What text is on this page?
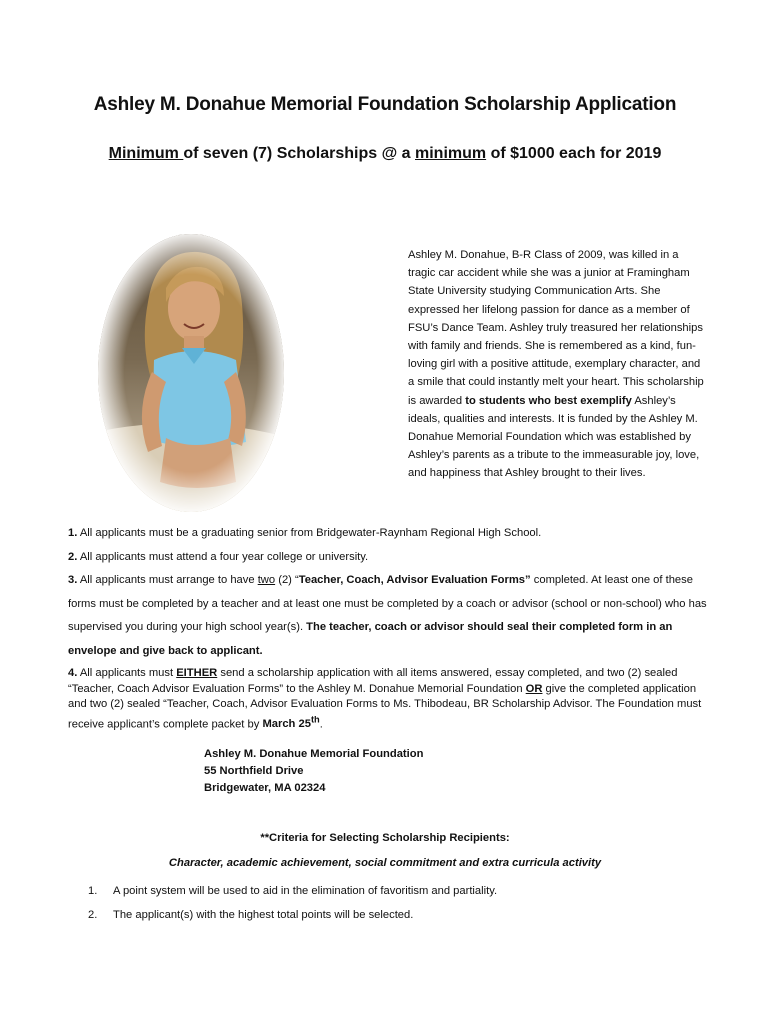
Ashley M. Donahue Memorial Foundation Scholarship Application
Minimum of seven (7) Scholarships @ a minimum of $1000 each for 2019
Ashley M. Donahue, B-R Class of 2009, was killed in a tragic car accident while she was a junior at Framingham State University studying Communication Arts. She expressed her lifelong passion for dance as a member of FSU’s Dance Team. Ashley truly treasured her relationships with family and friends. She is remembered as a kind, fun-loving girl with a positive attitude, exemplary character, and a smile that could instantly melt your heart. This scholarship is awarded to students who best exemplify Ashley’s ideals, qualities and interests. It is funded by the Ashley M. Donahue Memorial Foundation which was established by Ashley’s parents as a tribute to the immeasurable joy, love, and happiness that Ashley brought to their lives.
1. All applicants must be a graduating senior from Bridgewater-Raynham Regional High School.
2. All applicants must attend a four year college or university.
3. All applicants must arrange to have two (2) “Teacher, Coach, Advisor Evaluation Forms” completed. At least one of these forms must be completed by a teacher and at least one must be completed by a coach or advisor (school or non-school) who has supervised you during your high school year(s). The teacher, coach or advisor should seal their completed form in an envelope and give back to applicant.
4. All applicants must EITHER send a scholarship application with all items answered, essay completed, and two (2) sealed “Teacher, Coach Advisor Evaluation Forms” to the Ashley M. Donahue Memorial Foundation OR give the completed application and two (2) sealed “Teacher, Coach, Advisor Evaluation Forms to Ms. Thibodeau, BR Scholarship Advisor. The Foundation must receive applicant’s complete packet by March 25th.
Ashley M. Donahue Memorial Foundation
55 Northfield Drive
Bridgewater, MA 02324
**Criteria for Selecting Scholarship Recipients:
Character, academic achievement, social commitment and extra curricula activity
1.	A point system will be used to aid in the elimination of favoritism and partiality.
2.	The applicant(s) with the highest total points will be selected.
